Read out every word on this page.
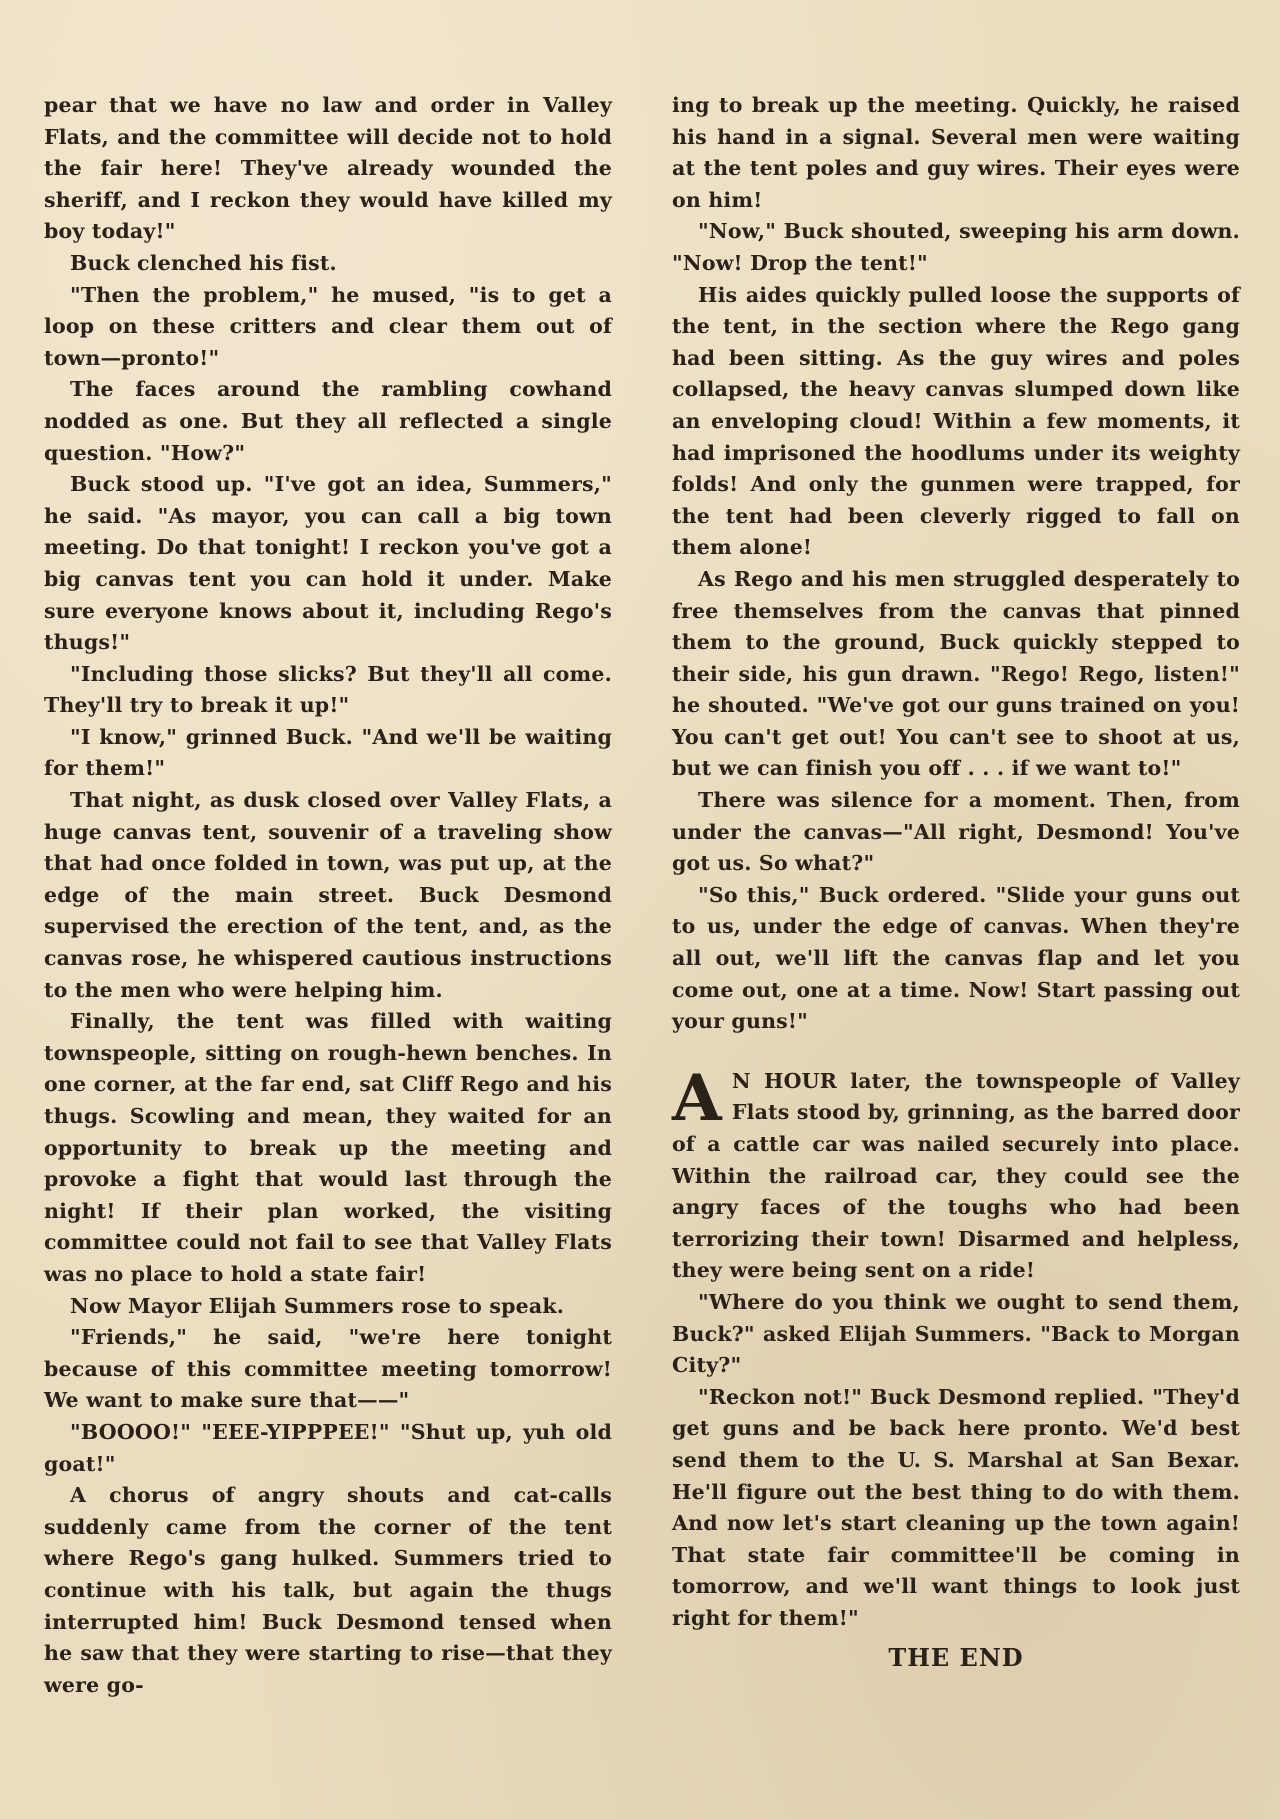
pear that we have no law and order in Valley Flats, and the committee will decide not to hold the fair here! They've already wounded the sheriff, and I reckon they would have killed my boy today!"

Buck clenched his fist.

"Then the problem," he mused, "is to get a loop on these critters and clear them out of town—pronto!"

The faces around the rambling cowhand nodded as one. But they all reflected a single question. "How?"

Buck stood up. "I've got an idea, Summers," he said. "As mayor, you can call a big town meeting. Do that tonight! I reckon you've got a big canvas tent you can hold it under. Make sure everyone knows about it, including Rego's thugs!"

"Including those slicks? But they'll all come. They'll try to break it up!"

"I know," grinned Buck. "And we'll be waiting for them!"

That night, as dusk closed over Valley Flats, a huge canvas tent, souvenir of a traveling show that had once folded in town, was put up, at the edge of the main street. Buck Desmond supervised the erection of the tent, and, as the canvas rose, he whispered cautious instructions to the men who were helping him.

Finally, the tent was filled with waiting townspeople, sitting on rough-hewn benches. In one corner, at the far end, sat Cliff Rego and his thugs. Scowling and mean, they waited for an opportunity to break up the meeting and provoke a fight that would last through the night! If their plan worked, the visiting committee could not fail to see that Valley Flats was no place to hold a state fair!

Now Mayor Elijah Summers rose to speak.

"Friends," he said, "we're here tonight because of this committee meeting tomorrow! We want to make sure that——"

"BOOOO!" "EEE-YIPPPEE!" "Shut up, yuh old goat!"

A chorus of angry shouts and cat-calls suddenly came from the corner of the tent where Rego's gang hulked. Summers tried to continue with his talk, but again the thugs interrupted him! Buck Desmond tensed when he saw that they were starting to rise—that they were go-

ing to break up the meeting. Quickly, he raised his hand in a signal. Several men were waiting at the tent poles and guy wires. Their eyes were on him!

"Now," Buck shouted, sweeping his arm down. "Now! Drop the tent!"

His aides quickly pulled loose the supports of the tent, in the section where the Rego gang had been sitting. As the guy wires and poles collapsed, the heavy canvas slumped down like an enveloping cloud! Within a few moments, it had imprisoned the hoodlums under its weighty folds! And only the gunmen were trapped, for the tent had been cleverly rigged to fall on them alone!

As Rego and his men struggled desperately to free themselves from the canvas that pinned them to the ground, Buck quickly stepped to their side, his gun drawn. "Rego! Rego, listen!" he shouted. "We've got our guns trained on you! You can't get out! You can't see to shoot at us, but we can finish you off . . . if we want to!"

There was silence for a moment. Then, from under the canvas—"All right, Desmond! You've got us. So what?"

"So this," Buck ordered. "Slide your guns out to us, under the edge of canvas. When they're all out, we'll lift the canvas flap and let you come out, one at a time. Now! Start passing out your guns!"

A N HOUR later, the townspeople of Valley Flats stood by, grinning, as the barred door of a cattle car was nailed securely into place. Within the railroad car, they could see the angry faces of the toughs who had been terrorizing their town! Disarmed and helpless, they were being sent on a ride!

"Where do you think we ought to send them, Buck?" asked Elijah Summers. "Back to Morgan City?"

"Reckon not!" Buck Desmond replied. "They'd get guns and be back here pronto. We'd best send them to the U. S. Marshal at San Bexar. He'll figure out the best thing to do with them. And now let's start cleaning up the town again! That state fair committee'll be coming in tomorrow, and we'll want things to look just right for them!"

THE END
